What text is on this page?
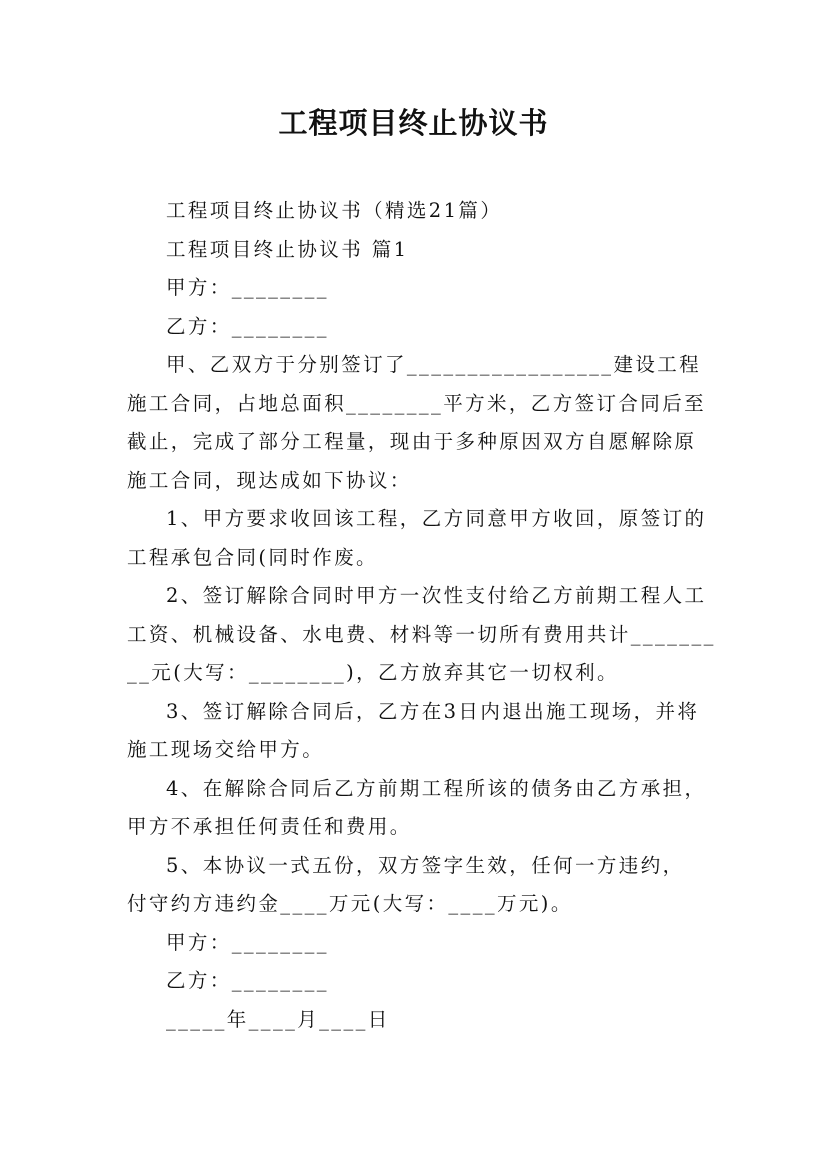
工程项目终止协议书

工程项目终止协议书（精选21篇）

工程项目终止协议书 篇1

甲方：________

乙方：________

甲、乙双方于分别签订了_________________建设工程施工合同，占地总面积________平方米，乙方签订合同后至截止，完成了部分工程量，现由于多种原因双方自愿解除原施工合同，现达成如下协议：

1、甲方要求收回该工程，乙方同意甲方收回，原签订的工程承包合同(同时作废。

2、签订解除合同时甲方一次性支付给乙方前期工程人工工资、机械设备、水电费、材料等一切所有费用共计_________元(大写：________)，乙方放弃其它一切权利。

3、签订解除合同后，乙方在3日内退出施工现场，并将施工现场交给甲方。

4、在解除合同后乙方前期工程所该的债务由乙方承担，甲方不承担任何责任和费用。

5、本协议一式五份，双方签字生效，任何一方违约，

付守约方违约金____万元(大写：____万元)。

甲方：________

乙方：________

_____年____月____日
